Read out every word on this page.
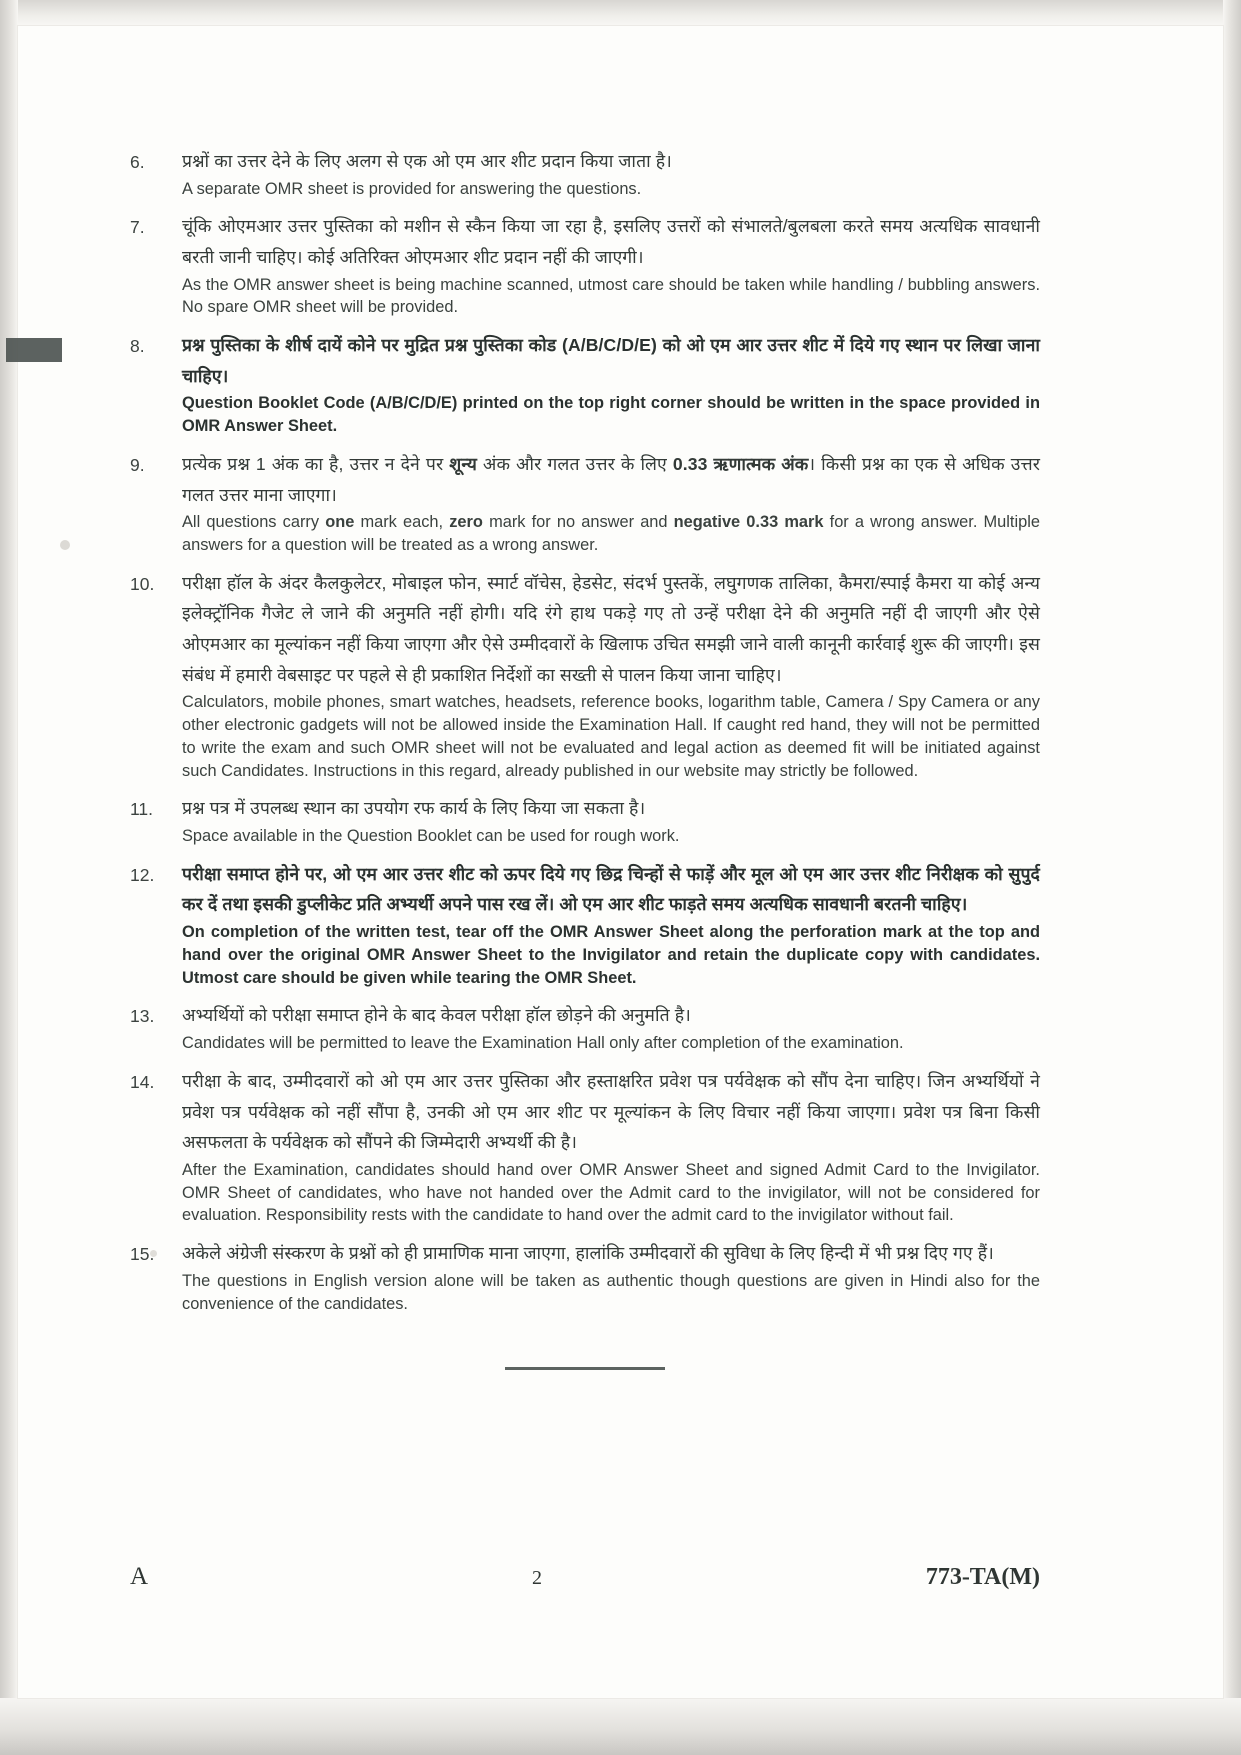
6.	प्रश्नों का उत्तर देने के लिए अलग से एक ओ एम आर शीट प्रदान किया जाता है।

A separate OMR sheet is provided for answering the questions.

7.	चूंकि ओएमआर उत्तर पुस्तिका को मशीन से स्कैन किया जा रहा है, इसलिए उत्तरों को संभालते/बुलबला करते समय अत्यधिक सावधानी बरती जानी चाहिए। कोई अतिरिक्त ओएमआर शीट प्रदान नहीं की जाएगी।

As the OMR answer sheet is being machine scanned, utmost care should be taken while handling / bubbling answers. No spare OMR sheet will be provided.

8.	प्रश्न पुस्तिका के शीर्ष दायें कोने पर मुद्रित प्रश्न पुस्तिका कोड (A/B/C/D/E) को ओ एम आर उत्तर शीट में दिये गए स्थान पर लिखा जाना चाहिए।

Question Booklet Code (A/B/C/D/E) printed on the top right corner should be written in the space provided in OMR Answer Sheet.

9.	प्रत्येक प्रश्न 1 अंक का है, उत्तर न देने पर शून्य अंक और गलत उत्तर के लिए 0.33 ऋणात्मक अंक। किसी प्रश्न का एक से अधिक उत्तर गलत उत्तर माना जाएगा।

All questions carry one mark each, zero mark for no answer and negative 0.33 mark for a wrong answer. Multiple answers for a question will be treated as a wrong answer.

10.	परीक्षा हॉल के अंदर कैलकुलेटर, मोबाइल फोन, स्मार्ट वॉचेस, हेडसेट, संदर्भ पुस्तकें, लघुगणक तालिका, कैमरा/स्पाई कैमरा या कोई अन्य इलेक्ट्रॉनिक गैजेट ले जाने की अनुमति नहीं होगी। यदि रंगे हाथ पकड़े गए तो उन्हें परीक्षा देने की अनुमति नहीं दी जाएगी और ऐसे ओएमआर का मूल्यांकन नहीं किया जाएगा और ऐसे उम्मीदवारों के खिलाफ उचित समझी जाने वाली कानूनी कार्रवाई शुरू की जाएगी। इस संबंध में हमारी वेबसाइट पर पहले से ही प्रकाशित निर्देशों का सख्ती से पालन किया जाना चाहिए।

Calculators, mobile phones, smart watches, headsets, reference books, logarithm table, Camera / Spy Camera or any other electronic gadgets will not be allowed inside the Examination Hall. If caught red hand, they will not be permitted to write the exam and such OMR sheet will not be evaluated and legal action as deemed fit will be initiated against such Candidates. Instructions in this regard, already published in our website may strictly be followed.

11.	प्रश्न पत्र में उपलब्ध स्थान का उपयोग रफ कार्य के लिए किया जा सकता है।

Space available in the Question Booklet can be used for rough work.

12.	परीक्षा समाप्त होने पर, ओ एम आर उत्तर शीट को ऊपर दिये गए छिद्र चिन्हों से फाड़ें और मूल ओ एम आर उत्तर शीट निरीक्षक को सुपुर्द कर दें तथा इसकी डुप्लीकेट प्रति अभ्यर्थी अपने पास रख लें। ओ एम आर शीट फाड़ते समय अत्यधिक सावधानी बरतनी चाहिए।

On completion of the written test, tear off the OMR Answer Sheet along the perforation mark at the top and hand over the original OMR Answer Sheet to the Invigilator and retain the duplicate copy with candidates. Utmost care should be given while tearing the OMR Sheet.

13.	अभ्यर्थियों को परीक्षा समाप्त होने के बाद केवल परीक्षा हॉल छोड़ने की अनुमति है।

Candidates will be permitted to leave the Examination Hall only after completion of the examination.

14.	परीक्षा के बाद, उम्मीदवारों को ओ एम आर उत्तर पुस्तिका और हस्ताक्षरित प्रवेश पत्र पर्यवेक्षक को सौंप देना चाहिए। जिन अभ्यर्थियों ने प्रवेश पत्र पर्यवेक्षक को नहीं सौंपा है, उनकी ओ एम आर शीट पर मूल्यांकन के लिए विचार नहीं किया जाएगा। प्रवेश पत्र बिना किसी असफलता के पर्यवेक्षक को सौंपने की जिम्मेदारी अभ्यर्थी की है।

After the Examination, candidates should hand over OMR Answer Sheet and signed Admit Card to the Invigilator. OMR Sheet of candidates, who have not handed over the Admit card to the invigilator, will not be considered for evaluation. Responsibility rests with the candidate to hand over the admit card to the invigilator without fail.

15.	अकेले अंग्रेजी संस्करण के प्रश्नों को ही प्रामाणिक माना जाएगा, हालांकि उम्मीदवारों की सुविधा के लिए हिन्दी में भी प्रश्न दिए गए हैं।

The questions in English version alone will be taken as authentic though questions are given in Hindi also for the convenience of the candidates.

A	2	773-TA(M)
